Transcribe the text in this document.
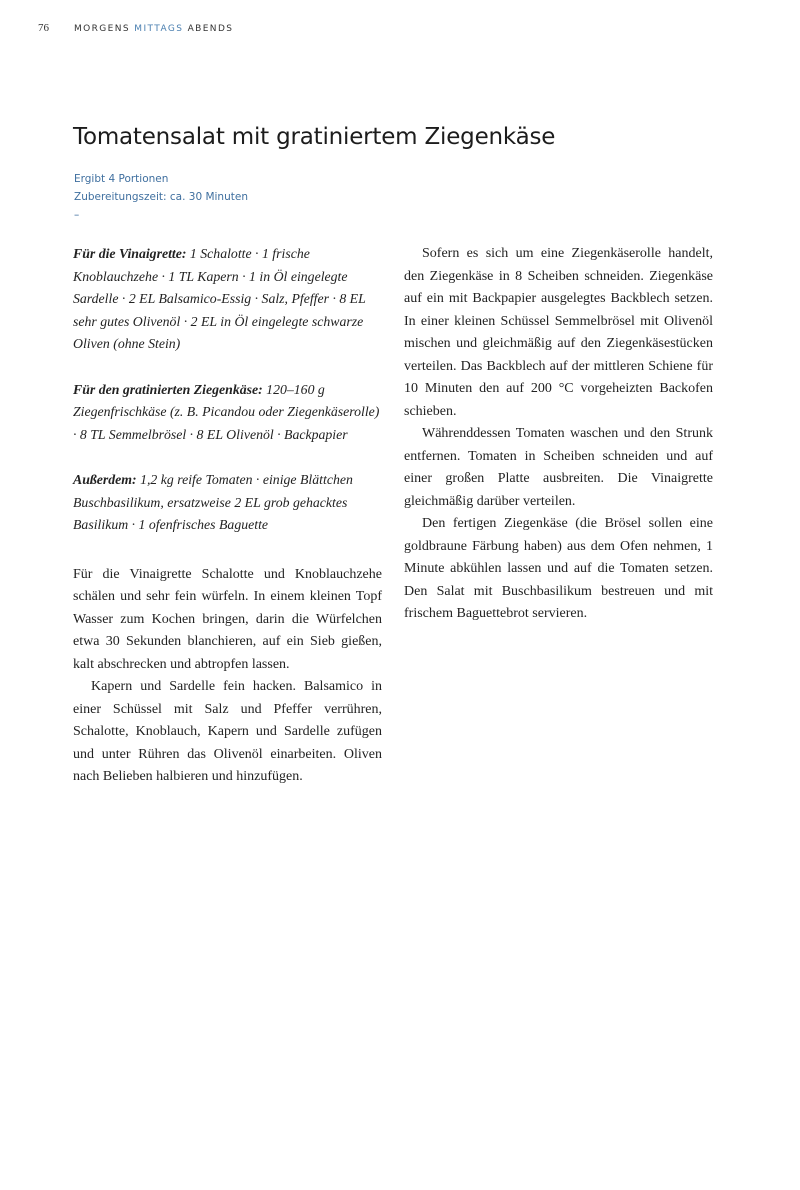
76	MORGENS MITTAGS ABENDS
Tomatensalat mit gratiniertem Ziegenkäse
Ergibt 4 Portionen
Zubereitungszeit: ca. 30 Minuten
–

Für die Vinaigrette: 1 Schalotte · 1 frische Knoblauchzehe · 1 TL Kapern · 1 in Öl eingelegte Sardelle · 2 EL Balsamico-Essig · Salz, Pfeffer · 8 EL sehr gutes Olivenöl · 2 EL in Öl eingelegte schwarze Oliven (ohne Stein)

Für den gratinierten Ziegenkäse: 120–160 g Ziegenfrischkäse (z. B. Picandou oder Ziegenkäserolle) · 8 TL Semmelbrösel · 8 EL Olivenöl · Backpapier

Außerdem: 1,2 kg reife Tomaten · einige Blättchen Buschbasilikum, ersatzweise 2 EL grob gehacktes Basilikum · 1 ofenfrisches Baguette

Für die Vinaigrette Schalotte und Knoblauchzehe schälen und sehr fein würfeln. In einem kleinen Topf Wasser zum Kochen bringen, darin die Würfelchen etwa 30 Sekunden blanchieren, auf ein Sieb gießen, kalt abschrecken und abtropfen lassen.

Kapern und Sardelle fein hacken. Balsamico in einer Schüssel mit Salz und Pfeffer verrühren, Schalotte, Knoblauch, Kapern und Sardelle zufügen und unter Rühren das Olivenöl einarbeiten. Oliven nach Belieben halbieren und hinzufügen.

Sofern es sich um eine Ziegenkäserolle handelt, den Ziegenkäse in 8 Scheiben schneiden. Ziegenkäse auf ein mit Backpapier ausgelegtes Backblech setzen. In einer kleinen Schüssel Semmelbrösel mit Olivenöl mischen und gleichmäßig auf den Ziegenkäsestücken verteilen. Das Backblech auf der mittleren Schiene für 10 Minuten den auf 200 °C vorgeheizten Backofen schieben.

Währenddessen Tomaten waschen und den Strunk entfernen. Tomaten in Scheiben schneiden und auf einer großen Platte ausbreiten. Die Vinaigrette gleichmäßig darüber verteilen.

Den fertigen Ziegenkäse (die Brösel sollen eine goldbraune Färbung haben) aus dem Ofen nehmen, 1 Minute abkühlen lassen und auf die Tomaten setzen. Den Salat mit Buschbasilikum bestreuen und mit frischem Baguettebrot servieren.
